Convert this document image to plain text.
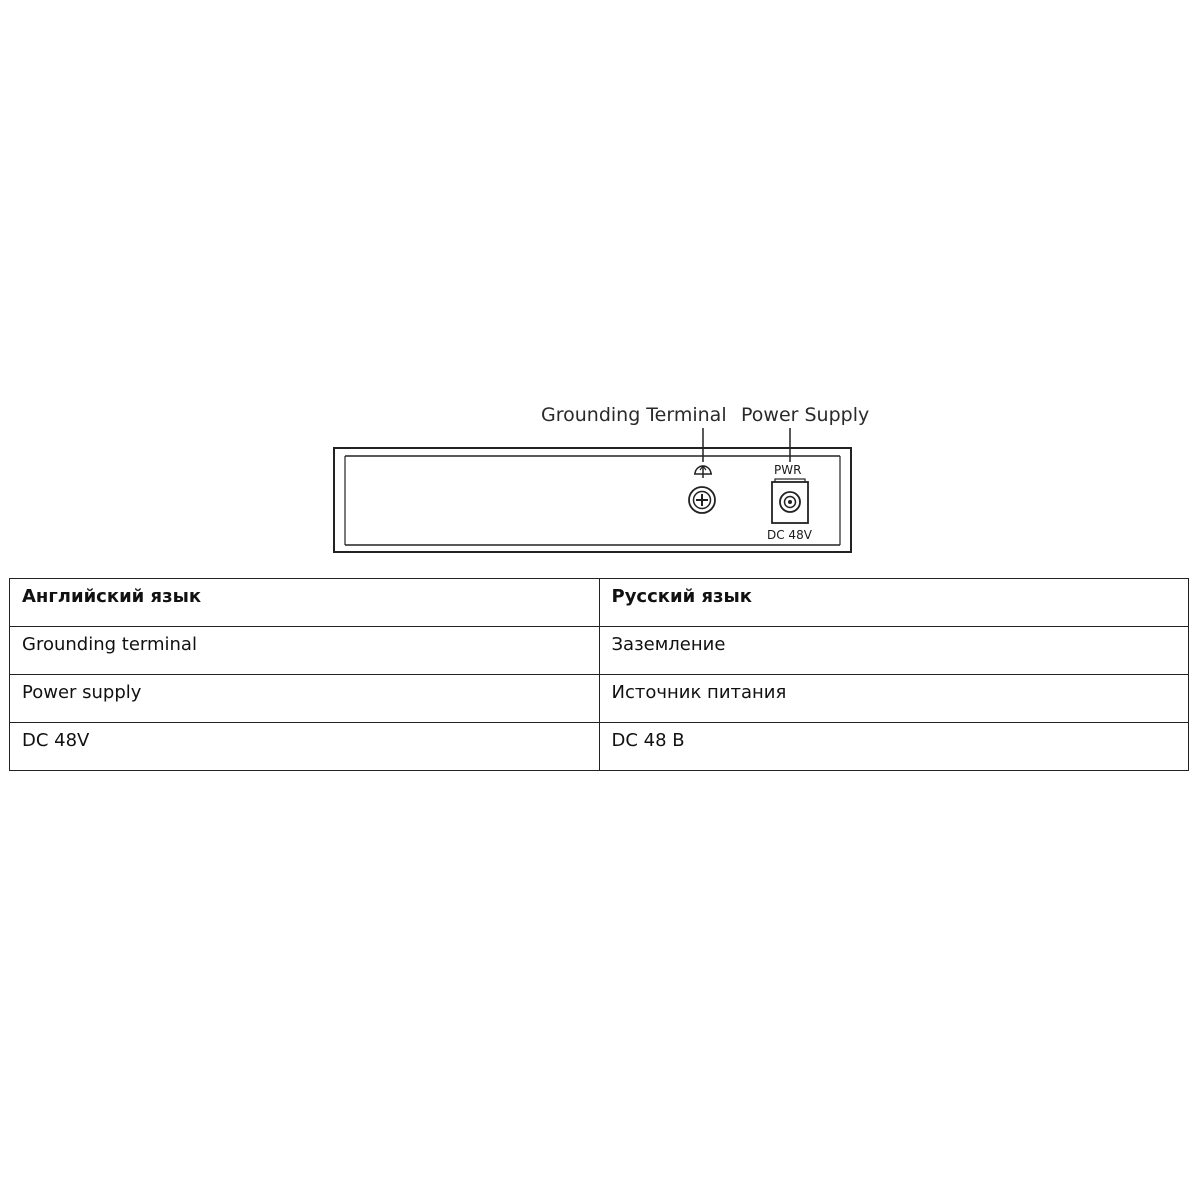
Grounding Terminal Power Supply
PWR
DC 48V
Английский язык	Русский язык
Grounding terminal	Заземление
Power supply	Источник питания
DC 48V	DC 48 В
